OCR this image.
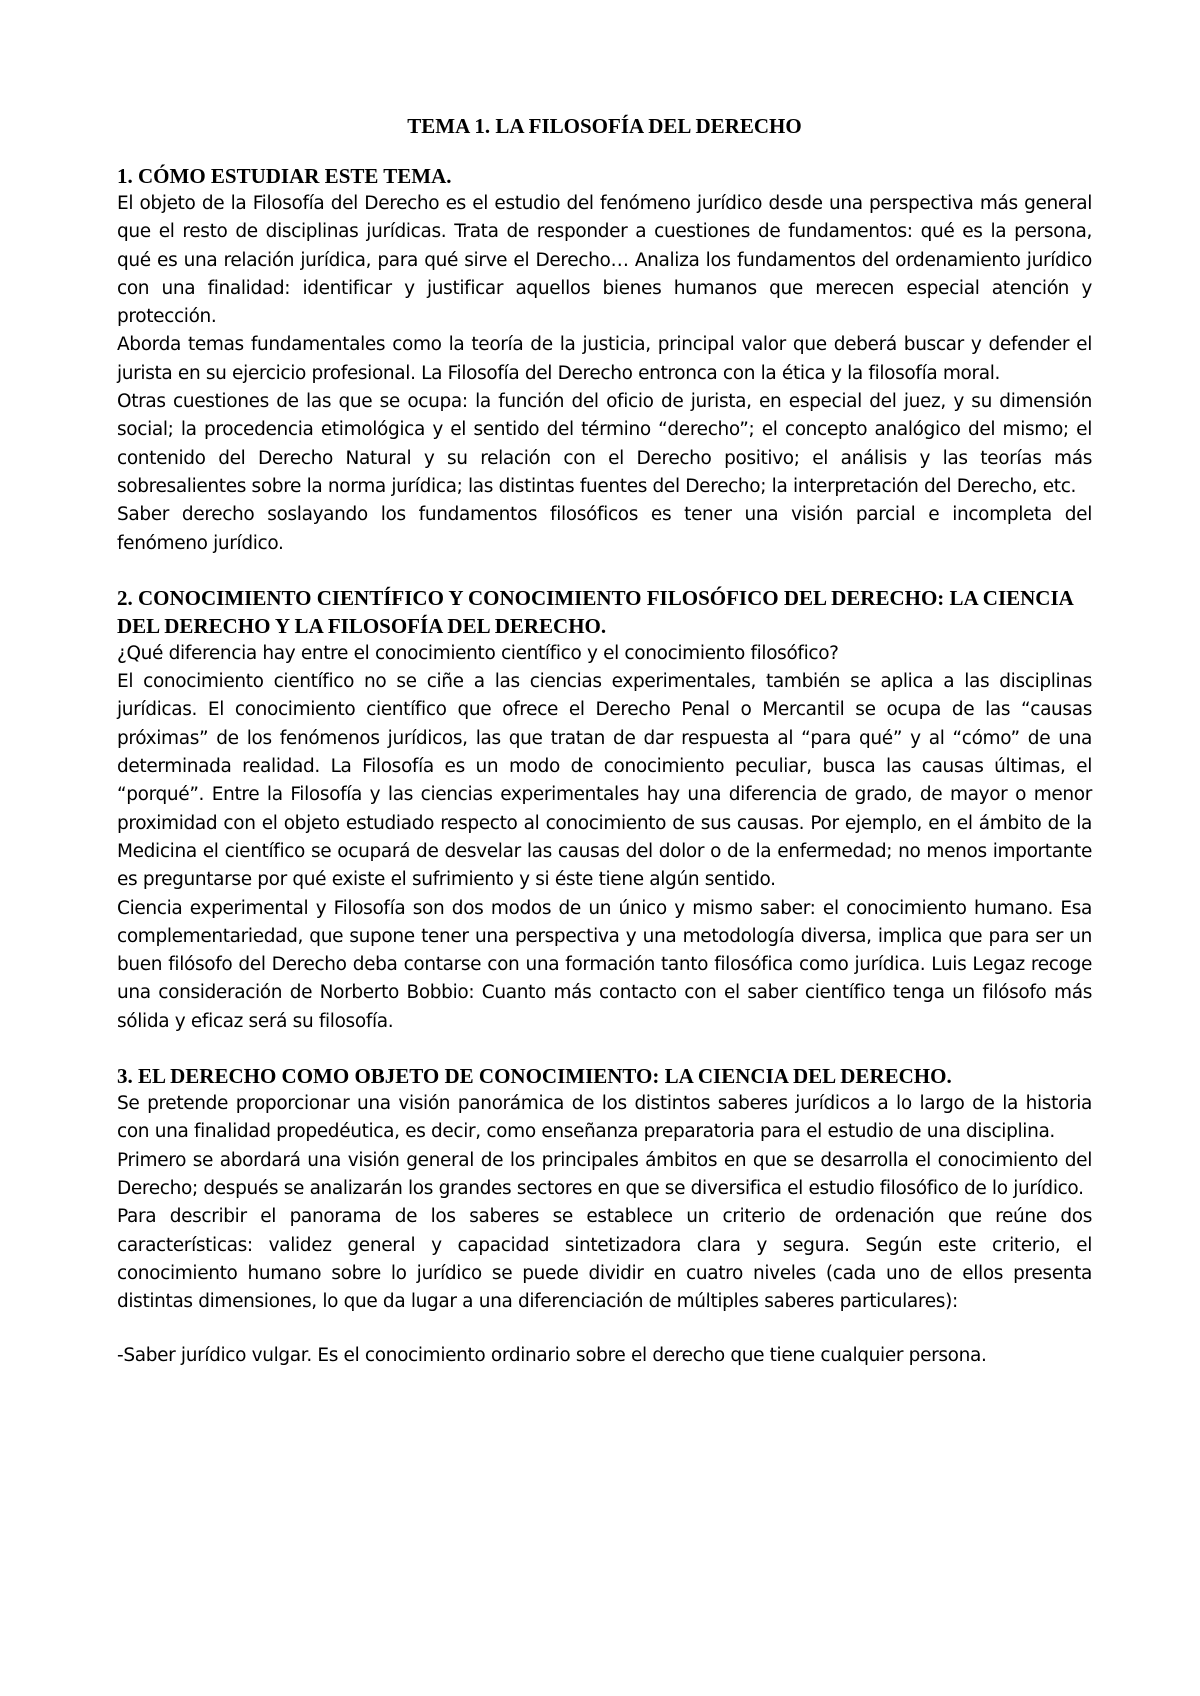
TEMA 1. LA FILOSOFÍA DEL DERECHO
1. CÓMO ESTUDIAR ESTE TEMA.

El objeto de la Filosofía del Derecho es el estudio del fenómeno jurídico desde una perspectiva más general que el resto de disciplinas jurídicas. Trata de responder a cuestiones de fundamentos: qué es la persona, qué es una relación jurídica, para qué sirve el Derecho… Analiza los fundamentos del ordenamiento jurídico con una finalidad: identificar y justificar aquellos bienes humanos que merecen especial atención y protección.

Aborda temas fundamentales como la teoría de la justicia, principal valor que deberá buscar y defender el jurista en su ejercicio profesional. La Filosofía del Derecho entronca con la ética y la filosofía moral.

Otras cuestiones de las que se ocupa: la función del oficio de jurista, en especial del juez, y su dimensión social; la procedencia etimológica y el sentido del término “derecho”; el concepto analógico del mismo; el contenido del Derecho Natural y su relación con el Derecho positivo; el análisis y las teorías más sobresalientes sobre la norma jurídica; las distintas fuentes del Derecho; la interpretación del Derecho, etc.

Saber derecho soslayando los fundamentos filosóficos es tener una visión parcial e incompleta del fenómeno jurídico.

2. CONOCIMIENTO CIENTÍFICO Y CONOCIMIENTO FILOSÓFICO DEL DERECHO: LA CIENCIA DEL DERECHO Y LA FILOSOFÍA DEL DERECHO.

¿Qué diferencia hay entre el conocimiento científico y el conocimiento filosófico?

El conocimiento científico no se ciñe a las ciencias experimentales, también se aplica a las disciplinas jurídicas. El conocimiento científico que ofrece el Derecho Penal o Mercantil se ocupa de las “causas próximas” de los fenómenos jurídicos, las que tratan de dar respuesta al “para qué” y al “cómo” de una determinada realidad. La Filosofía es un modo de conocimiento peculiar, busca las causas últimas, el “porqué”. Entre la Filosofía y las ciencias experimentales hay una diferencia de grado, de mayor o menor proximidad con el objeto estudiado respecto al conocimiento de sus causas. Por ejemplo, en el ámbito de la Medicina el científico se ocupará de desvelar las causas del dolor o de la enfermedad; no menos importante es preguntarse por qué existe el sufrimiento y si éste tiene algún sentido.

Ciencia experimental y Filosofía son dos modos de un único y mismo saber: el conocimiento humano. Esa complementariedad, que supone tener una perspectiva y una metodología diversa, implica que para ser un buen filósofo del Derecho deba contarse con una formación tanto filosófica como jurídica. Luis Legaz recoge una consideración de Norberto Bobbio: Cuanto más contacto con el saber científico tenga un filósofo más sólida y eficaz será su filosofía.

3. EL DERECHO COMO OBJETO DE CONOCIMIENTO: LA CIENCIA DEL DERECHO.

Se pretende proporcionar una visión panorámica de los distintos saberes jurídicos a lo largo de la historia con una finalidad propedéutica, es decir, como enseñanza preparatoria para el estudio de una disciplina.

Primero se abordará una visión general de los principales ámbitos en que se desarrolla el conocimiento del Derecho; después se analizarán los grandes sectores en que se diversifica el estudio filosófico de lo jurídico.

Para describir el panorama de los saberes se establece un criterio de ordenación que reúne dos características: validez general y capacidad sintetizadora clara y segura. Según este criterio, el conocimiento humano sobre lo jurídico se puede dividir en cuatro niveles (cada uno de ellos presenta distintas dimensiones, lo que da lugar a una diferenciación de múltiples saberes particulares):

-Saber jurídico vulgar. Es el conocimiento ordinario sobre el derecho que tiene cualquier persona.
